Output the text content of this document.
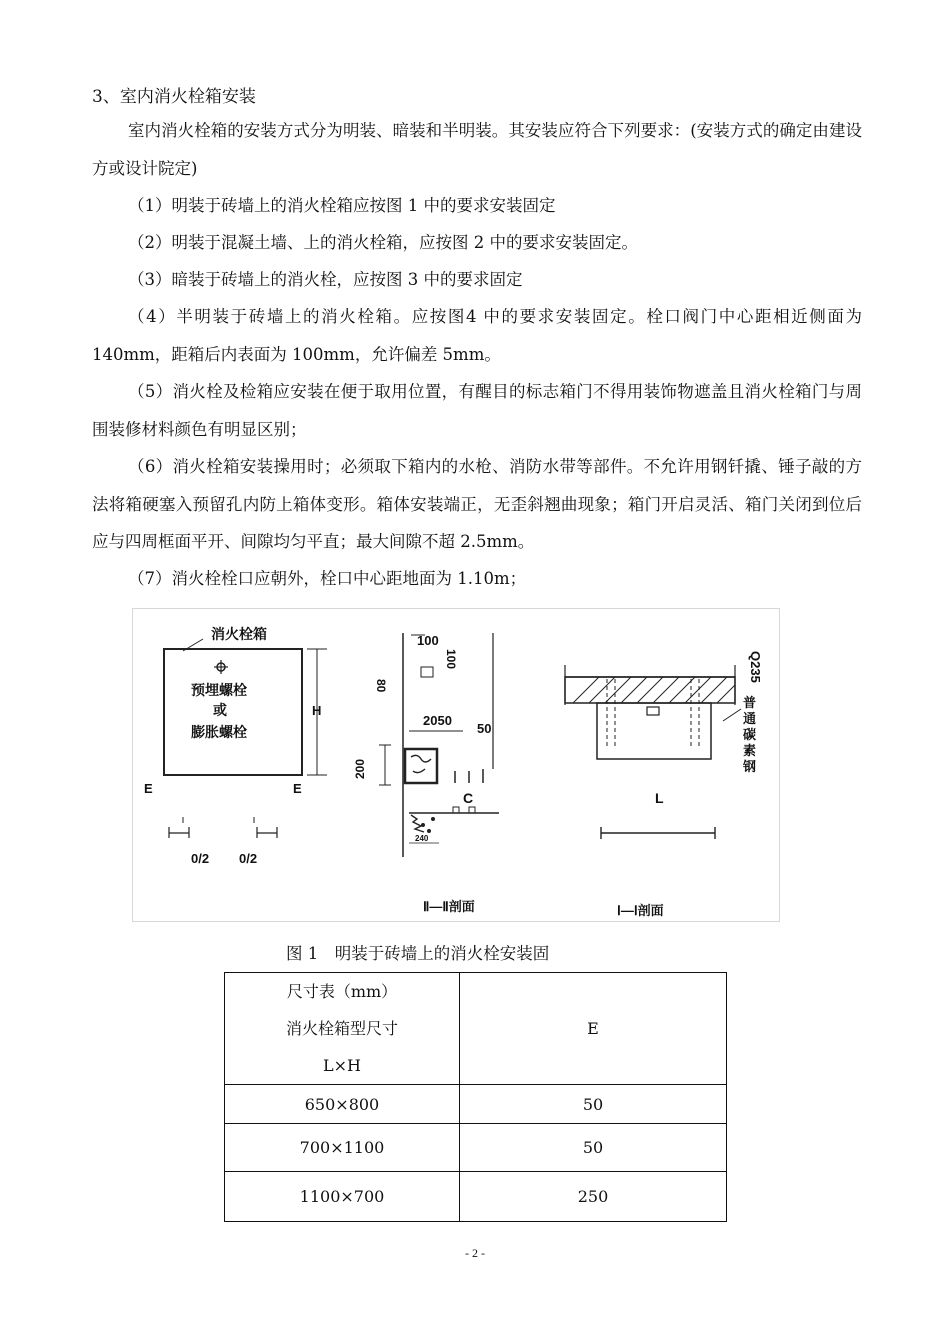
3、室内消火栓箱安装
室内消火栓箱的安装方式分为明装、暗装和半明装。其安装应符合下列要求：(安装方式的确定由建设方或设计院定)
（1）明装于砖墙上的消火栓箱应按图 1 中的要求安装固定
（2）明装于混凝土墙、上的消火栓箱，应按图 2 中的要求安装固定。
（3）暗装于砖墙上的消火栓，应按图 3 中的要求固定
（4）半明装于砖墙上的消火栓箱。应按图4 中的要求安装固定。栓口阀门中心距相近侧面为 140mm，距箱后内表面为 100mm，允许偏差 5mm。
（5）消火栓及检箱应安装在便于取用位置，有醒目的标志箱门不得用装饰物遮盖且消火栓箱门与周围装修材料颜色有明显区别；
（6）消火栓箱安装操用时；必须取下箱内的水枪、消防水带等部件。不允许用钢钎撬、锤子敲的方法将箱硬塞入预留孔内防上箱体变形。箱体安装端正，无歪斜翘曲现象；箱门开启灵活、箱门关闭到位后应与四周框面平开、间隙均匀平直；最大间隙不超 2.5mm。
（7）消火栓栓口应朝外，栓口中心距地面为 1.10m；
消火栓箱
预埋螺栓
或
膨胀螺栓
H
E	E
0/2 0/2
100
80
100
2050
50
200
C
240
Ⅱ—Ⅱ剖面
Q235
普
通
碳
素
钢
L
Ⅰ—Ⅰ剖面
图 1　明装于砖墙上的消火栓安装固
尺寸表（mm）
消火栓箱型尺寸
L×H	E
650×800	50
700×1100	50
1100×700	250
- 2 -
